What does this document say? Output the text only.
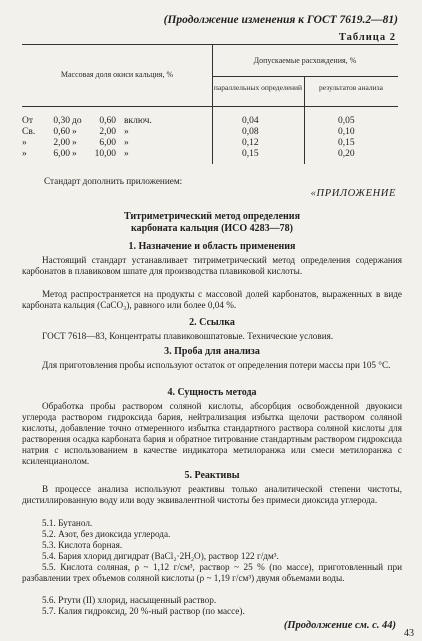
(Продолжение изменения к ГОСТ 7619.2—81)
Таблица 2
Массовая доля окиси кальция, %
Допускаемые расхождения, %
параллельных определений	результатов анализа
От	0,30 до	0,60 включ.	0,04	0,05
Св.	0,60 »	2,00 »	0,08	0,10
»	2,00 »	6,00 »	0,12	0,15
»	6,00 »	10,00 »	0,15	0,20
Стандарт дополнить приложением:
«ПРИЛОЖЕНИЕ
Титриметрический метод определения
карбоната кальция (ИСО 4283—78)
1. Назначение и область применения
Настоящий стандарт устанавливает титриметрический метод определения содержания карбонатов в плавиковом шпате для производства плавиковой кислоты.
Метод распространяется на продукты с массовой долей карбонатов, выраженных в виде карбоната кальция (CaCO₃), равного или более 0,04 %.
2. Ссылка
ГОСТ 7618—83, Концентраты плавиковошпатовые. Технические условия.
3. Проба для анализа
Для приготовления пробы используют остаток от определения потери массы при 105 °С.
4. Сущность метода
Обработка пробы раствором соляной кислоты, абсорбция освобожденной двуокиси углерода раствором гидроксида бария, нейтрализация избытка щелочи раствором соляной кислоты, добавление точно отмеренного избытка стандартного раствора соляной кислоты для растворения осадка карбоната бария и обратное титрование стандартным раствором гидроксида натрия с использованием в качестве индикатора метилоранжа или смеси метилоранжа с ксиленцианолом.
5. Реактивы
В процессе анализа используют реактивы только аналитической степени чистоты, дистиллированную воду или воду эквивалентной чистоты без примеси диоксида углерода.
5.1. Бутанол.
5.2. Азот, без диоксида углерода.
5.3. Кислота борная.
5.4. Бария хлорид дигидрат (BaCl₂·2H₂O), раствор 122 г/дм³.
5.5. Кислота соляная, ρ ~ 1,12 г/см³, раствор ~ 25 % (по массе), приготовленный при разбавлении трех объемов соляной кислоты (ρ ~ 1,19 г/см³) двумя объемами воды.
5.6. Ртути (II) хлорид, насыщенный раствор.
5.7. Калия гидроксид, 20 %-ный раствор (по массе).
(Продолжение см. с. 44)
43
